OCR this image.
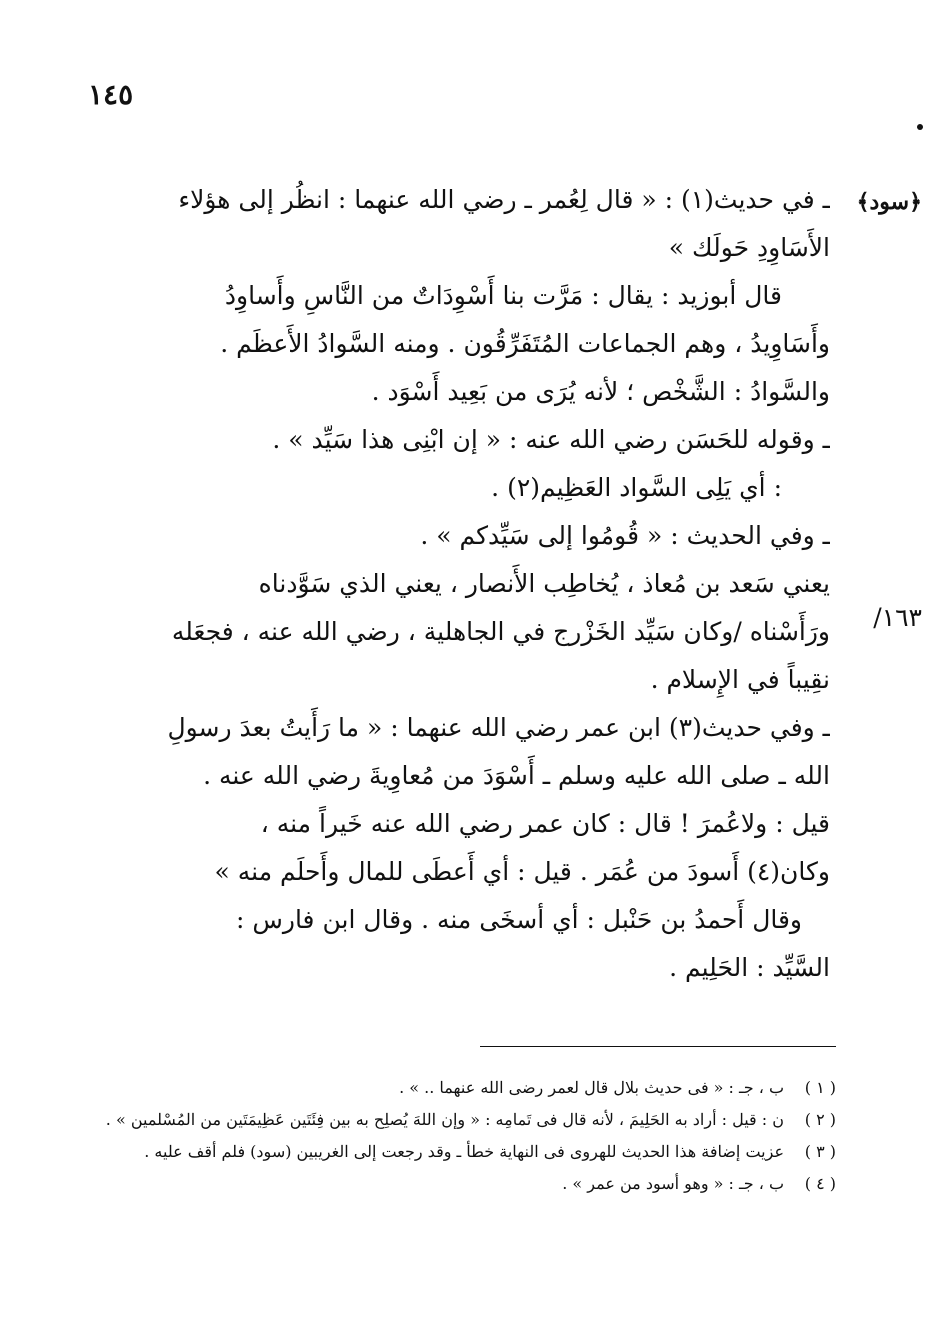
١٤٥
﴿سود﴾
١٦٣/
ـ في حديث(١) : « قال لِعُمر ـ رضي الله عنهما : انظُر إلى هؤلاء
الأَسَاوِدِ حَولَك »
قال أبوزيد : يقال : مَرَّت بنا أَسْوِدَاتٌ من النَّاسِ وأَساوِدُ
وأَسَاوِيدُ ، وهم الجماعات المُتَفَرِّقُون . ومنه السَّوادُ الأَعظَم .
والسَّوادُ : الشَّخْص ؛ لأنه يُرَى من بَعِيد أَسْوَد .
ـ وقوله للحَسَن رضي الله عنه : « إن ابْنِى هذا سَيِّد » .
: أي يَلِى السَّواد العَظِيم(٢) .
ـ وفي الحديث : « قُومُوا إلى سَيِّدكم » .
يعني سَعد بن مُعاذ ، يُخاطِب الأَنصار ، يعني الذي سَوَّدناه
ورَأَسْناه /وكان سَيِّد الخَزْرج في الجاهلية ، رضي الله عنه ، فجعَله
نقِيباً في الإِسلام .
ـ وفي حديث(٣) ابن عمر رضي الله عنهما : « ما رَأَيتُ بعدَ رسولِ
الله ـ صلى الله عليه وسلم ـ أَسْوَدَ من مُعاوِيةَ رضي الله عنه .
قيل : ولاعُمرَ ! قال : كان عمر رضي الله عنه خَيراً منه ،
وكان(٤) أَسودَ من عُمَر . قيل : أي أَعطَى للمال وأَحلَم منه »
وقال أَحمدُ بن حَنْبل : أي أسخَى منه . وقال ابن فارس :
السَّيِّد : الحَلِيم .
( ١ )
ب ، جـ : « فى حديث بلال قال لعمر رضى الله عنهما .. » .
( ٢ )
ن : قيل : أراد به الحَلِيمَ ، لأنه قال فى تَمامِه : « وإن اللهَ يُصلِح به بين فِئَتَين عَظِيمَتَين من المُسْلمين » .
( ٣ )
عزيت إضافة هذا الحديث للهروى فى النهاية خطأ ـ وقد رجعت إلى الغريبين (سود) فلم أقف عليه .
( ٤ )
ب ، جـ : « وهو أسود من عمر » .
